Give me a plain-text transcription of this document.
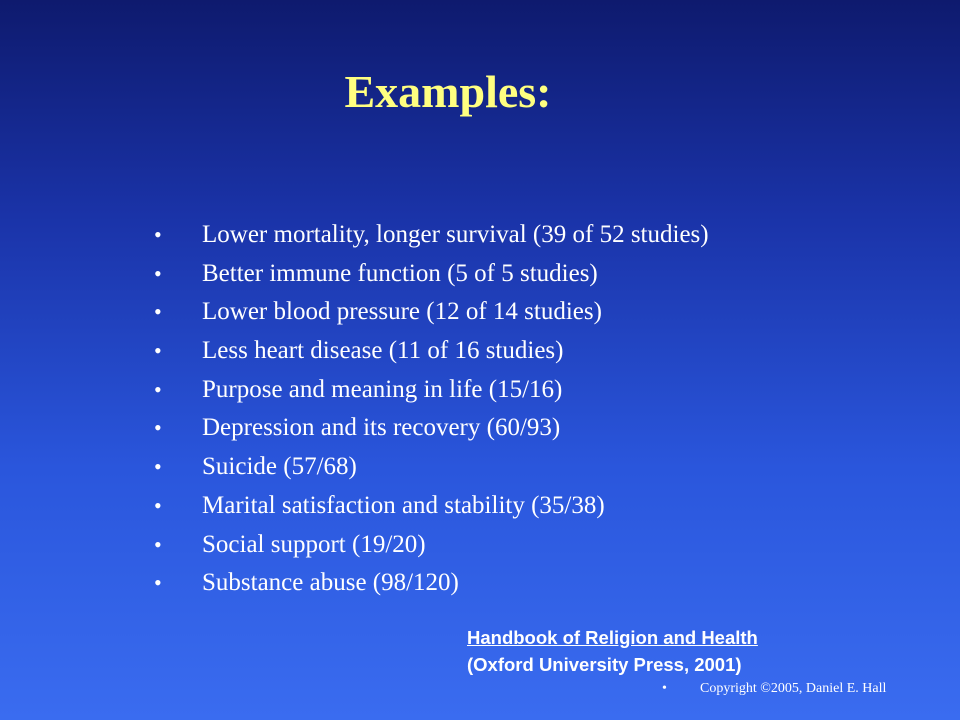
Examples:
•	Lower mortality, longer survival (39 of 52 studies)
•	Better immune function (5 of 5 studies)
•	Lower blood pressure (12 of 14 studies)
•	Less heart disease (11 of 16 studies)
•	Purpose and meaning in life (15/16)
•	Depression and its recovery (60/93)
•	Suicide (57/68)
•	Marital satisfaction and stability (35/38)
•	Social support (19/20)
•	Substance abuse (98/120)
Handbook of Religion and Health
(Oxford University Press, 2001)
• Copyright ©2005, Daniel E. Hall
